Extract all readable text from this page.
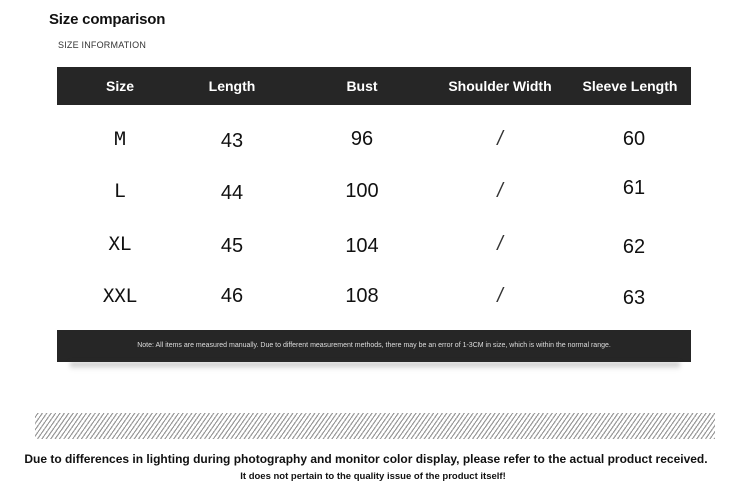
Size comparison
SIZE INFORMATION
Size	Length	Bust	Shoulder Width	Sleeve Length
M	43	96	/	60
L	44	100	/	61
XL	45	104	/	62
XXL	46	108	/	63
Note: All items are measured manually. Due to different measurement methods, there may be an error of 1-3CM in size, which is within the normal range.
Due to differences in lighting during photography and monitor color display, please refer to the actual product received.
It does not pertain to the quality issue of the product itself!
